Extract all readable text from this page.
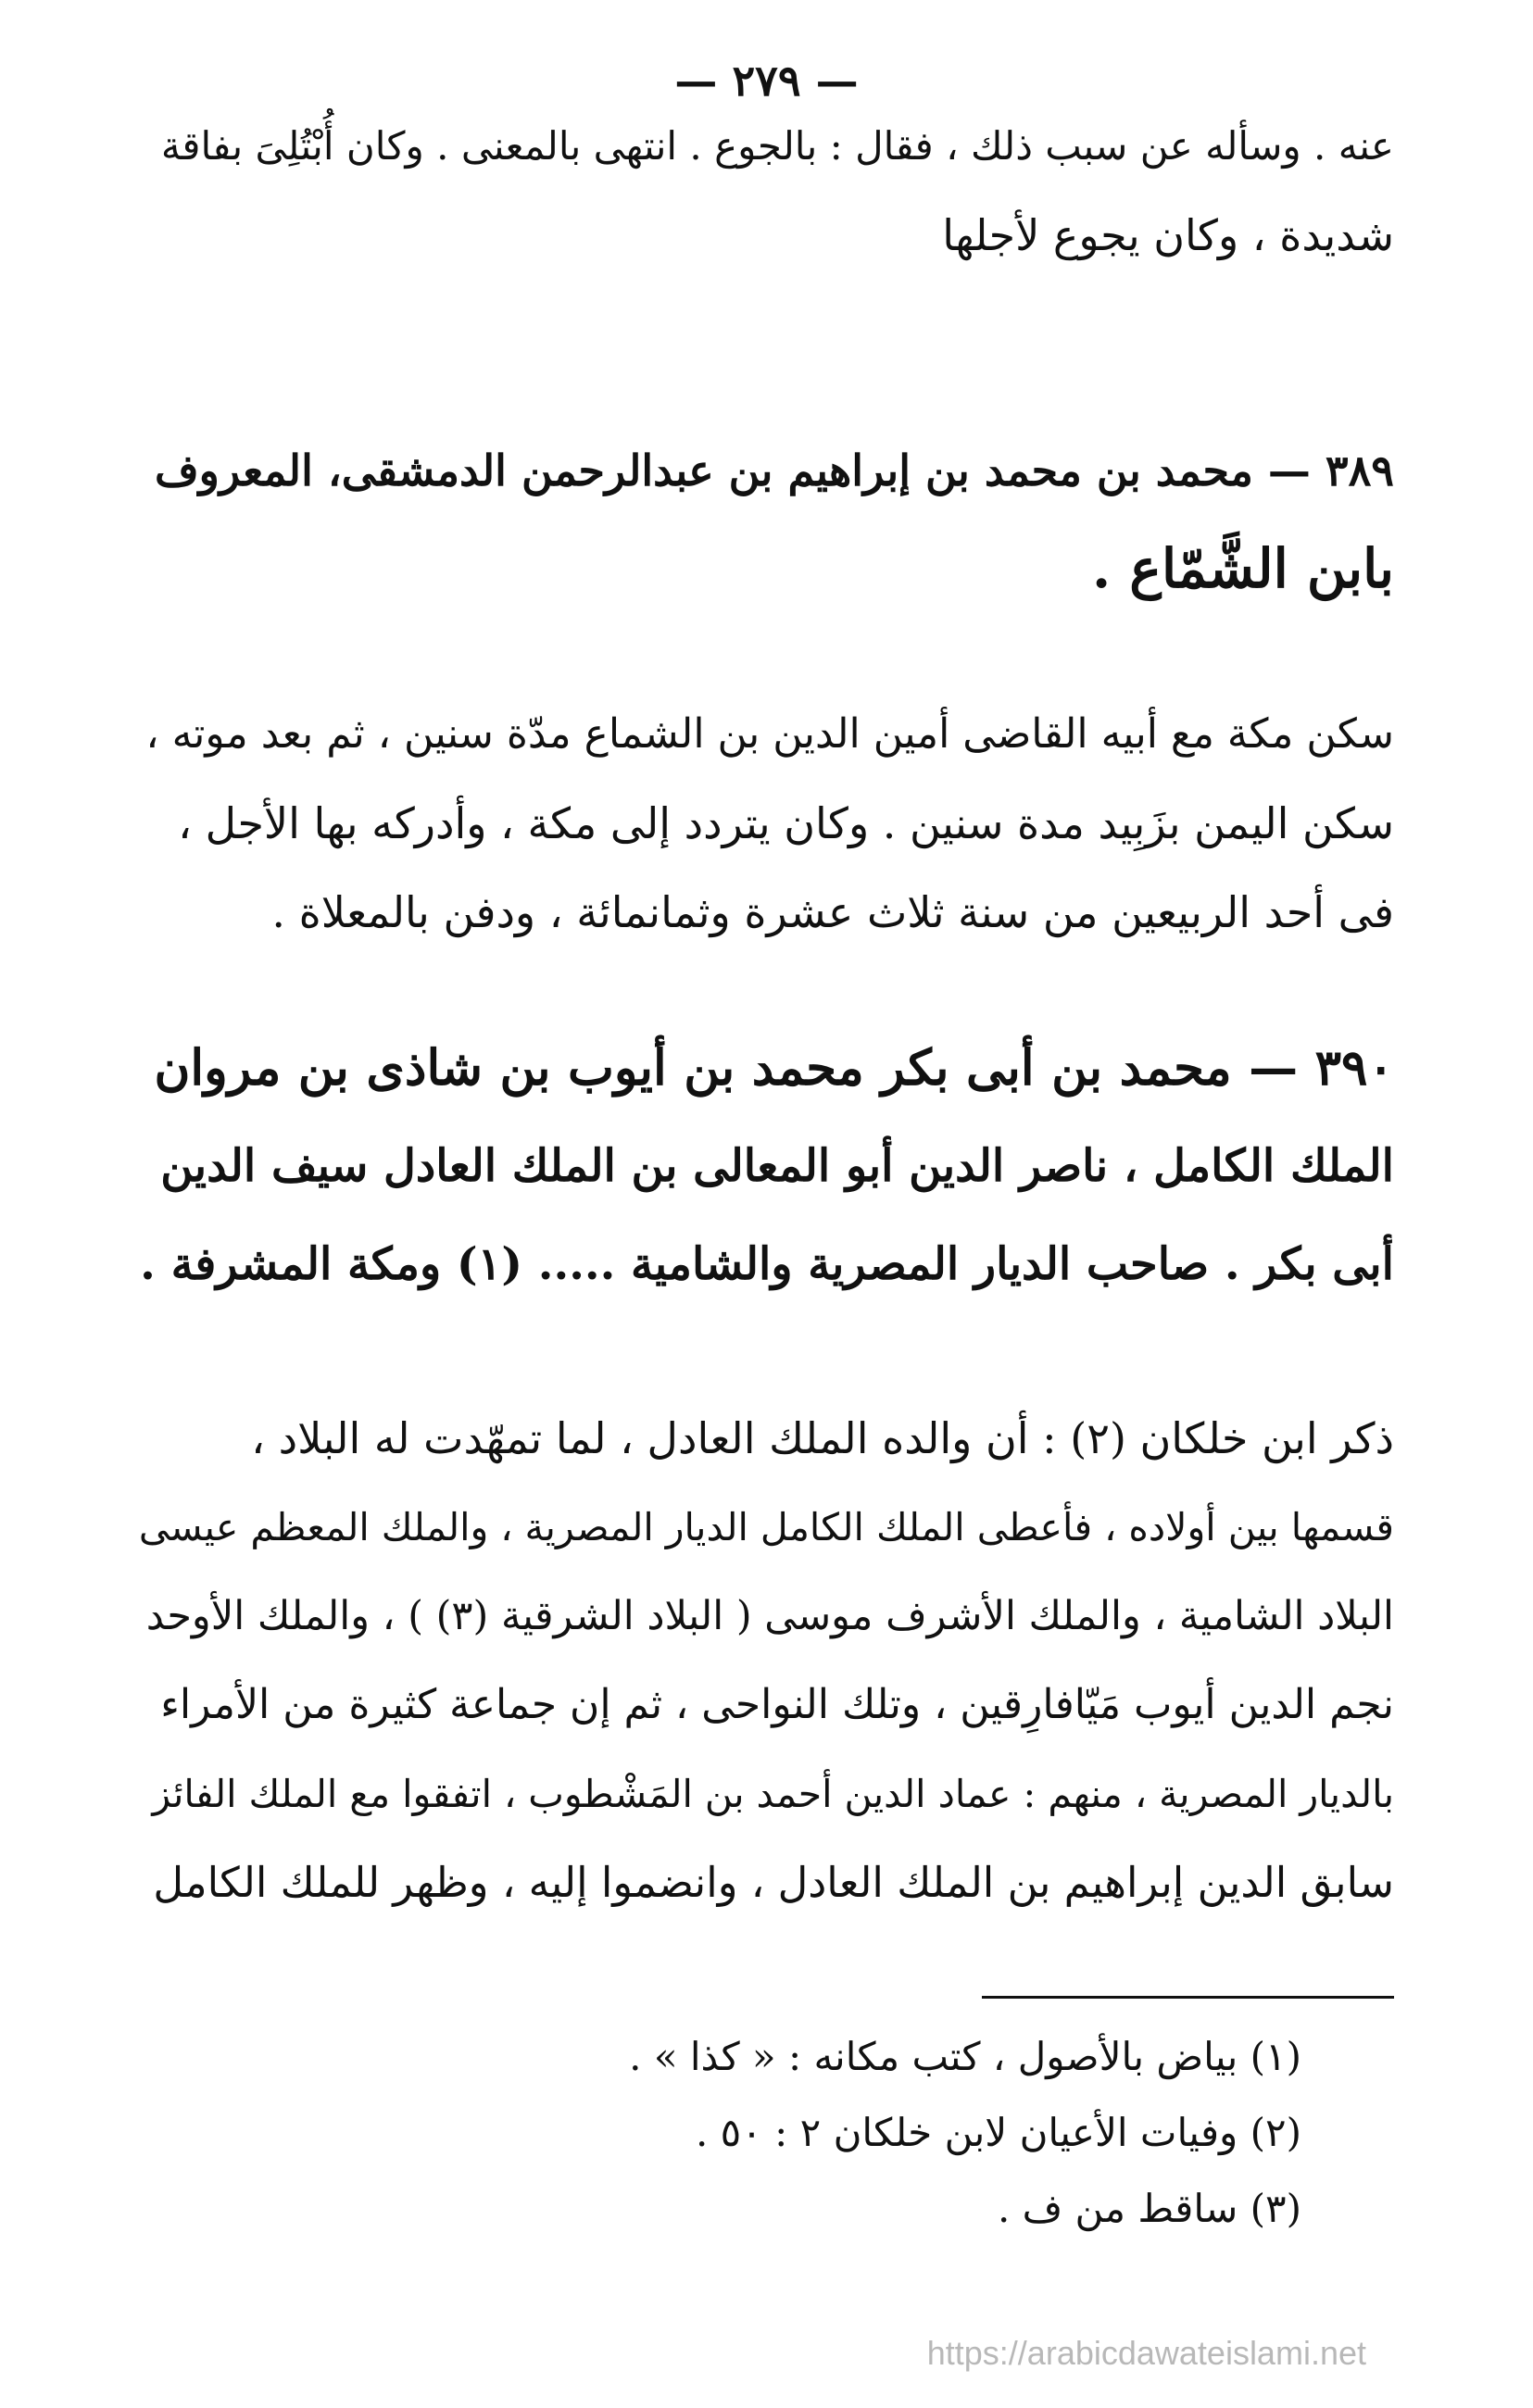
— ٢٧٩ —
عنه . وسأله عن سبب ذلك ، فقال : بالجوع . انتهى بالمعنى . وكان أُبْتُلِىَ بفاقة
شديدة ، وكان يجوع لأجلها
٣٨٩ — محمد بن محمد بن إبراهيم بن عبدالرحمن الدمشقى، المعروف
بابن الشَّمّاع .
سكن مكة مع أبيه القاضى أمين الدين بن الشماع مدّة سنين ، ثم بعد موته ،
سكن اليمن بزَبِيد مدة سنين . وكان يتردد إلى مكة ، وأدركه بها الأجل ،
فى أحد الربيعين من سنة ثلاث عشرة وثمانمائة ، ودفن بالمعلاة .
٣٩٠ — محمد بن أبى بكر محمد بن أيوب بن شاذى بن مروان
الملك الكامل ، ناصر الدين أبو المعالى بن الملك العادل سيف الدين
أبى بكر . صاحب الديار المصرية والشامية ..... (١) ومكة المشرفة .
ذكر ابن خلكان (٢) : أن والده الملك العادل ، لما تمهّدت له البلاد ،
قسمها بين أولاده ، فأعطى الملك الكامل الديار المصرية ، والملك المعظم عيسى
البلاد الشامية ، والملك الأشرف موسى ( البلاد الشرقية (٣) ) ، والملك الأوحد
نجم الدين أيوب مَيّافارِقين ، وتلك النواحى ، ثم إن جماعة كثيرة من الأمراء
بالديار المصرية ، منهم : عماد الدين أحمد بن المَشْطوب ، اتفقوا مع الملك الفائز
سابق الدين إبراهيم بن الملك العادل ، وانضموا إليه ، وظهر للملك الكامل
(١) بياض بالأصول ، كتب مكانه : « كذا » .
(٢) وفيات الأعيان لابن خلكان ٢ : ٥٠ .
(٣) ساقط من ف .
https://arabicdawateislami.net
